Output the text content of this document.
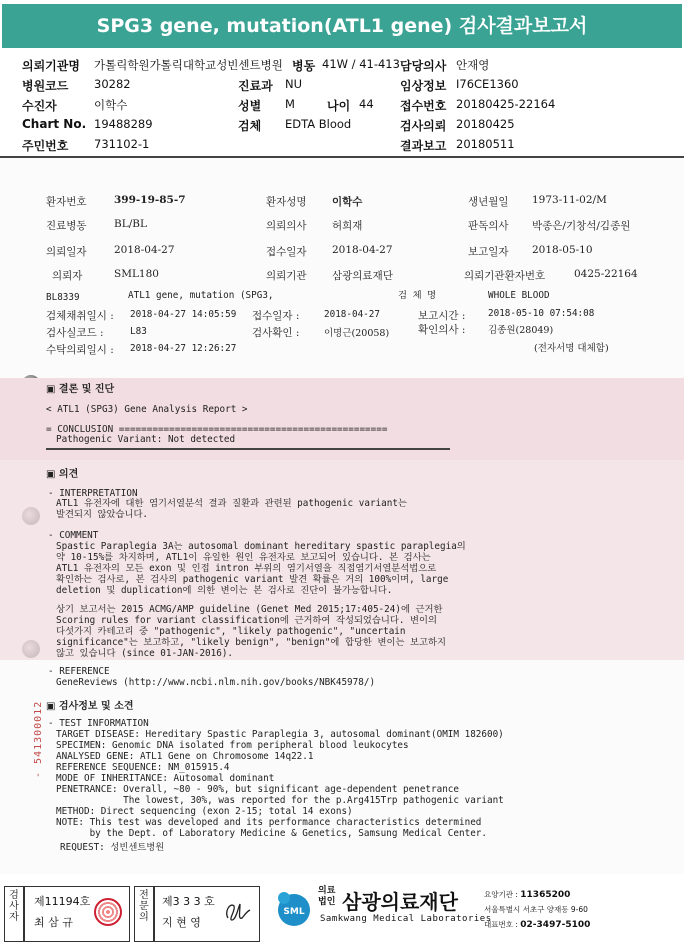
SPG3 gene, mutation(ATL1 gene) 검사결과보고서
의뢰기관명 가톨릭학원가톨릭대학교성빈센트병원 병동 41W / 41-413 담당의사 안재영
병원코드 30282	진료과 NU	임상정보 I76CE1360
수진자	이학수	성별 M	나이 44 접수번호 20180425-22164
Chart No. 19488289	검체 EDTA Blood	검사의뢰 20180425
주민번호 731102-1	결과보고 20180511
환자번호	399-19-85-7	환자성명 이학수	생년월일 1973-11-02/M
진료병동	BL/BL	의뢰의사 허희재	판독의사 박종은/기창석/김종원
의뢰일자	2018-04-27	접수일자 2018-04-27	보고일자 2018-05-10
의뢰자	SML180	의뢰기관 삼광의료재단	의뢰기관환자번호	0425-22164
BL8339	ATL1 gene, mutation (SPG3,	검 체 명	WHOLE BLOOD
검체채취일시 : 2018-04-27 14:05:59 접수일자 :	2018-04-27	보고시간 : 2018-05-10 07:54:08
검사실코드 :	L83	검사확인 :	이명근(20058)	확인의사 : 김종원(28049)
수탁의뢰일시 : 2018-04-27 12:26:27	(전자서명 대체함)
▣ 결론 및 진단
< ATL1 (SPG3) Gene Analysis Report >
= CONCLUSION ================================================
Pathogenic Variant: Not detected
▣ 의견
- INTERPRETATION
ATL1 유전자에 대한 염기서열분석 결과 질환과 관련된 pathogenic variant는
발견되지 않았습니다.
- COMMENT
Spastic Paraplegia 3A는 autosomal dominant hereditary spastic paraplegia의
약 10-15%를 차지하며, ATL1이 유일한 원인 유전자로 보고되어 있습니다. 본 검사는
ATL1 유전자의 모든 exon 및 인접 intron 부위의 염기서열을 직접염기서열분석법으로
확인하는 검사로, 본 검사의 pathogenic variant 발견 확률은 거의 100%이며, large
deletion 및 duplication에 의한 변이는 본 검사로 진단이 불가능합니다.
상기 보고서는 2015 ACMG/AMP guideline (Genet Med 2015;17:405-24)에 근거한
Scoring rules for variant classification에 근거하여 작성되었습니다. 변이의
다섯가지 카테고리 중 "pathogenic", "likely pathogenic", "uncertain
significance"는 보고하고, "likely benign", "benign"에 합당한 변이는 보고하지
않고 있습니다 (since 01-JAN-2016).
- REFERENCE
GeneReviews (http://www.ncbi.nlm.nih.gov/books/NBK45978/)
▣ 검사정보 및 소견
- TEST INFORMATION
TARGET DISEASE: Hereditary Spastic Paraplegia 3, autosomal dominant(OMIM 182600)
SPECIMEN: Genomic DNA isolated from peripheral blood leukocytes
ANALYSED GENE: ATL1 Gene on Chromosome 14q22.1
REFERENCE SEQUENCE: NM_015915.4
MODE OF INHERITANCE: Autosomal dominant
PENETRANCE: Overall, ~80 - 90%, but significant age-dependent penetrance
The lowest, 30%, was reported for the p.Arg415Trp pathogenic variant
METHOD: Direct sequencing (exon 2-15; total 14 exons)
NOTE: This test was developed and its performance characteristics determined
by the Dept. of Laboratory Medicine & Genetics, Samsung Medical Center.
REQUEST: 성빈센트병원
- 541300012
검사자
제11194호
최 삼 규
전문의
제3 3 3 호
지 현 영
SML
의료법인 삼광의료재단
Samkwang Medical Laboratories
요양기관 : 11365200
서울특별시 서초구 양재동 9-60
대표번호 : 02-3497-5100
